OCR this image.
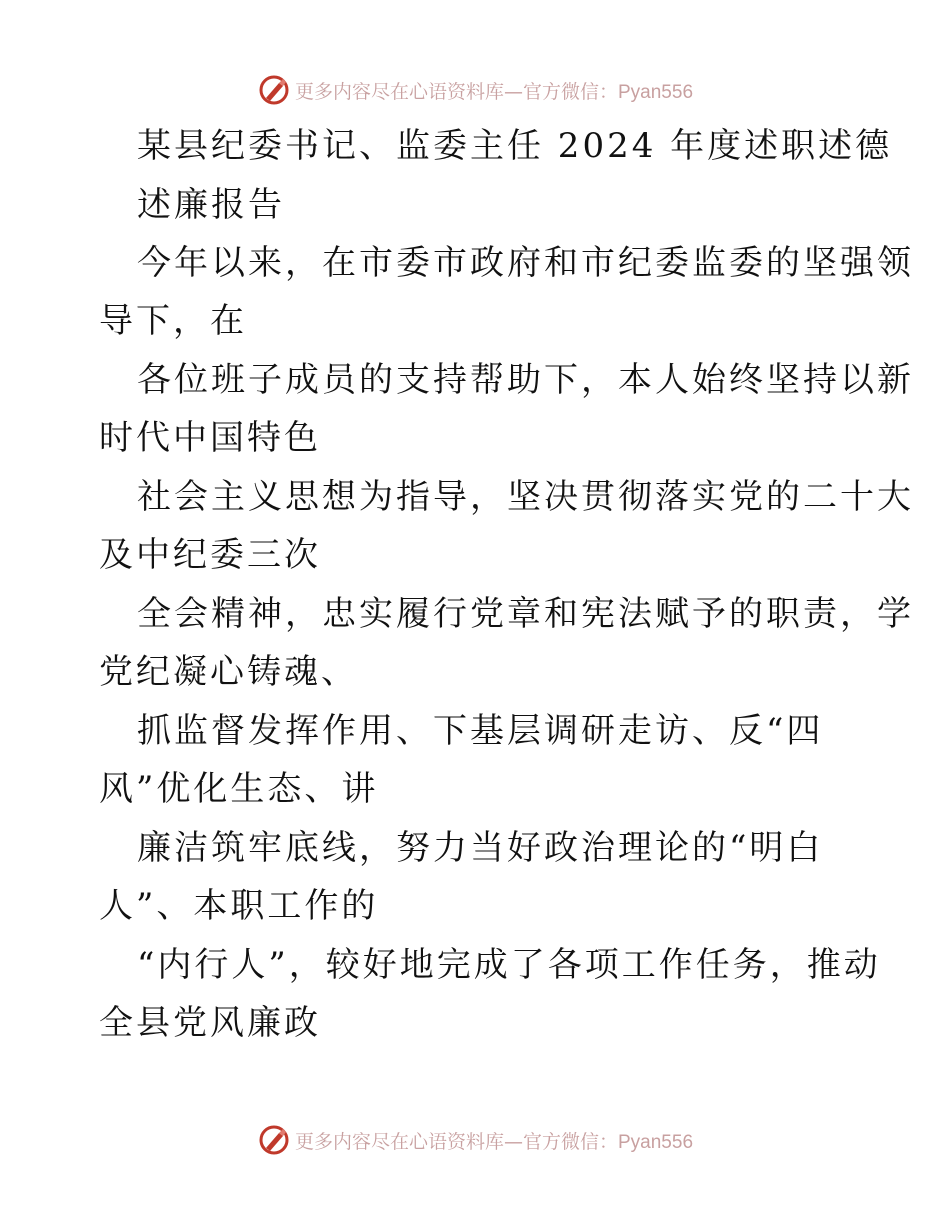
更多内容尽在心语资料库—官方微信：Pyan556
某县纪委书记、监委主任 2024 年度述职述德
述廉报告
今年以来，在市委市政府和市纪委监委的坚强领
导下，在
各位班子成员的支持帮助下，本人始终坚持以新
时代中国特色
社会主义思想为指导，坚决贯彻落实党的二十大
及中纪委三次
全会精神，忠实履行党章和宪法赋予的职责，学
党纪凝心铸魂、
抓监督发挥作用、下基层调研走访、反“四
风”优化生态、讲
廉洁筑牢底线，努力当好政治理论的“明白
人”、本职工作的
“内行人”，较好地完成了各项工作任务，推动
全县党风廉政
更多内容尽在心语资料库—官方微信：Pyan556
